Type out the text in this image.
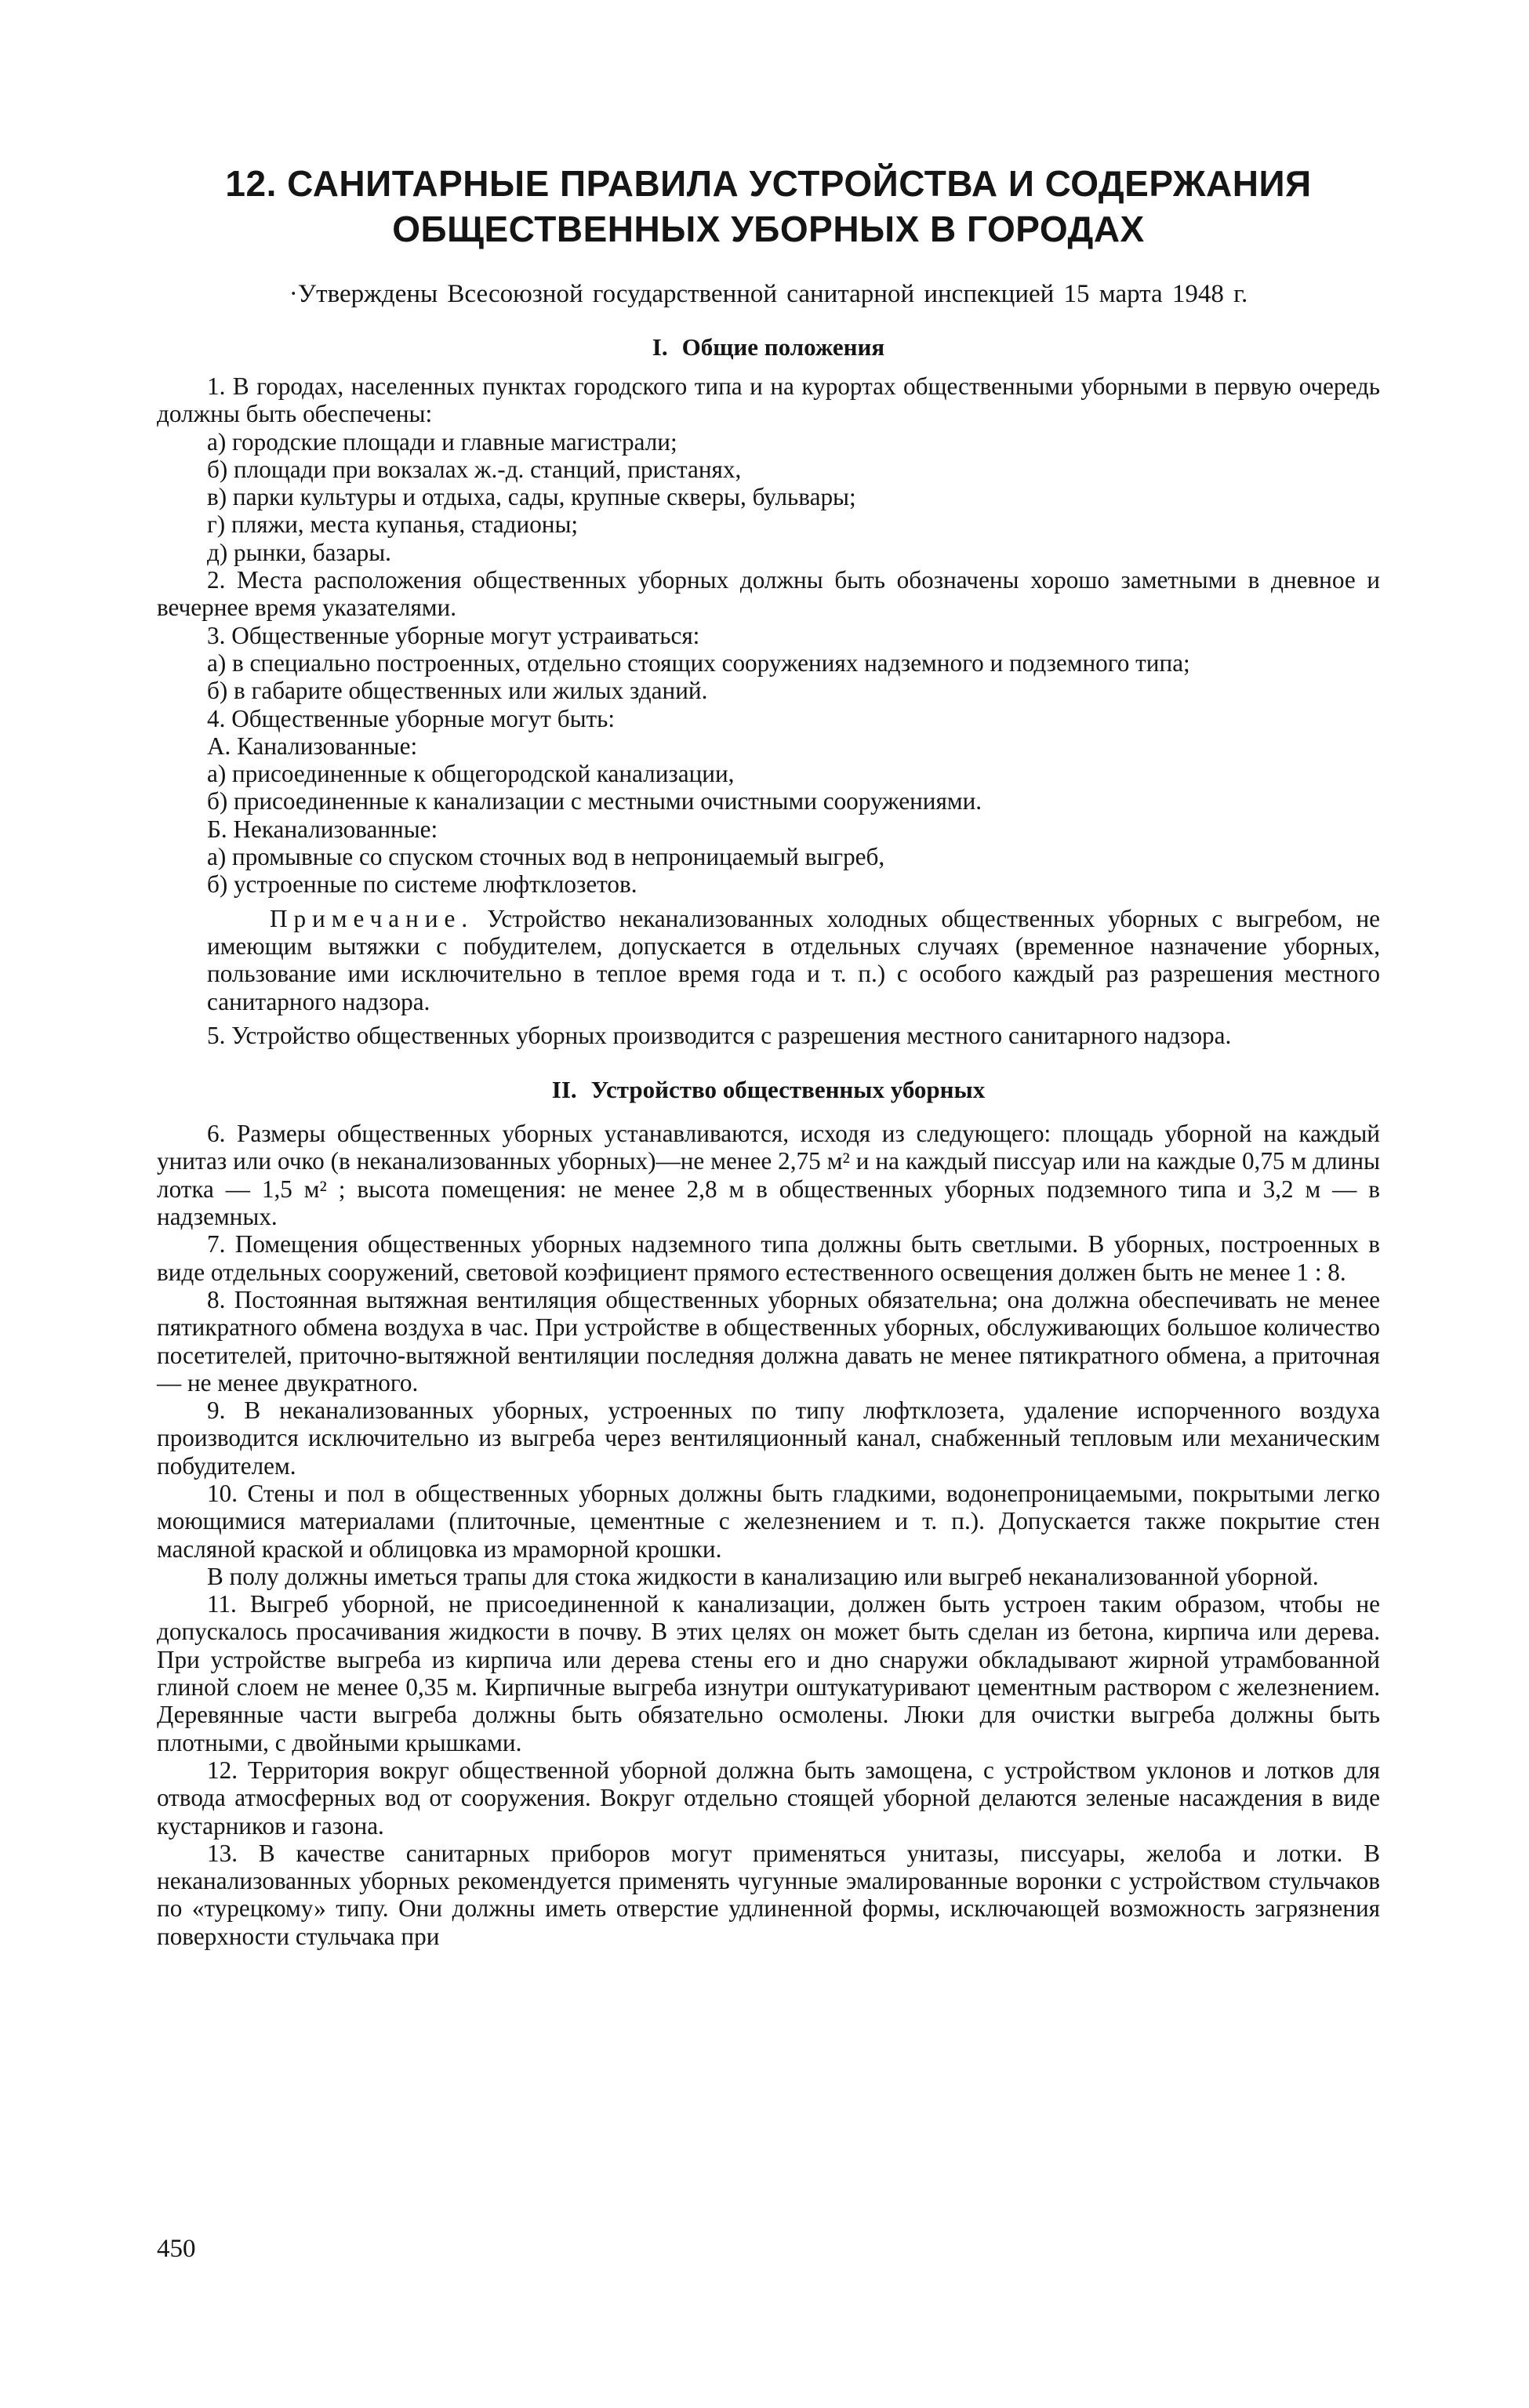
12. САНИТАРНЫЕ ПРАВИЛА УСТРОЙСТВА И СОДЕРЖАНИЯ
ОБЩЕСТВЕННЫХ УБОРНЫХ В ГОРОДАХ

·Утверждены Всесоюзной государственной санитарной инспекцией 15 марта 1948 г.

I. Общие положения

1. В городах, населенных пунктах городского типа и на курортах общественными уборными в первую очередь должны быть обеспечены:

а) городские площади и главные магистрали;

б) площади при вокзалах ж.-д. станций, пристанях,

в) парки культуры и отдыха, сады, крупные скверы, бульвары;

г) пляжи, места купанья, стадионы;

д) рынки, базары.

2. Места расположения общественных уборных должны быть обозначены хорошо заметными в дневное и вечернее время указателями.

3. Общественные уборные могут устраиваться:

а) в специально построенных, отдельно стоящих сооружениях надземного и подземного типа;

б) в габарите общественных или жилых зданий.

4. Общественные уборные могут быть:

А. Канализованные:

а) присоединенные к общегородской канализации,

б) присоединенные к канализации с местными очистными сооружениями.

Б. Неканализованные:

а) промывные со спуском сточных вод в непроницаемый выгреб,

б) устроенные по системе люфтклозетов.

Примечание. Устройство неканализованных холодных общественных уборных с выгребом, не имеющим вытяжки с побудителем, допускается в отдельных случаях (временное назначение уборных, пользование ими исключительно в теплое время года и т. п.) с особого каждый раз разрешения местного санитарного надзора.

5. Устройство общественных уборных производится с разрешения местного санитарного надзора.

II. Устройство общественных уборных

6. Размеры общественных уборных устанавливаются, исходя из следующего: площадь уборной на каждый унитаз или очко (в неканализованных уборных)—не менее 2,75 м² и на каждый писсуар или на каждые 0,75 м длины лотка — 1,5 м² ; высота помещения: не менее 2,8 м в общественных уборных подземного типа и 3,2 м — в надземных.

7. Помещения общественных уборных надземного типа должны быть светлыми. В уборных, построенных в виде отдельных сооружений, световой коэфициент прямого естественного освещения должен быть не менее 1 : 8.

8. Постоянная вытяжная вентиляция общественных уборных обязательна; она должна обеспечивать не менее пятикратного обмена воздуха в час. При устройстве в общественных уборных, обслуживающих большое количество посетителей, приточно-вытяжной вентиляции последняя должна давать не менее пятикратного обмена, а приточная — не менее двукратного.

9. В неканализованных уборных, устроенных по типу люфтклозета, удаление испорченного воздуха производится исключительно из выгреба через вентиляционный канал, снабженный тепловым или механическим побудителем.

10. Стены и пол в общественных уборных должны быть гладкими, водонепроницаемыми, покрытыми легко моющимися материалами (плиточные, цементные с железнением и т. п.). Допускается также покрытие стен масляной краской и облицовка из мраморной крошки.

В полу должны иметься трапы для стока жидкости в канализацию или выгреб неканализованной уборной.

11. Выгреб уборной, не присоединенной к канализации, должен быть устроен таким образом, чтобы не допускалось просачивания жидкости в почву. В этих целях он может быть сделан из бетона, кирпича или дерева. При устройстве выгреба из кирпича или дерева стены его и дно снаружи обкладывают жирной утрамбованной глиной слоем не менее 0,35 м. Кирпичные выгреба изнутри оштукатуривают цементным раствором с железнением. Деревянные части выгреба должны быть обязательно осмолены. Люки для очистки выгреба должны быть плотными, с двойными крышками.

12. Территория вокруг общественной уборной должна быть замощена, с устройством уклонов и лотков для отвода атмосферных вод от сооружения. Вокруг отдельно стоящей уборной делаются зеленые насаждения в виде кустарников и газона.

13. В качестве санитарных приборов могут применяться унитазы, писсуары, желоба и лотки. В неканализованных уборных рекомендуется применять чугунные эмалированные воронки с устройством стульчаков по «турецкому» типу. Они должны иметь отверстие удлиненной формы, исключающей возможность загрязнения поверхности стульчака при

450
